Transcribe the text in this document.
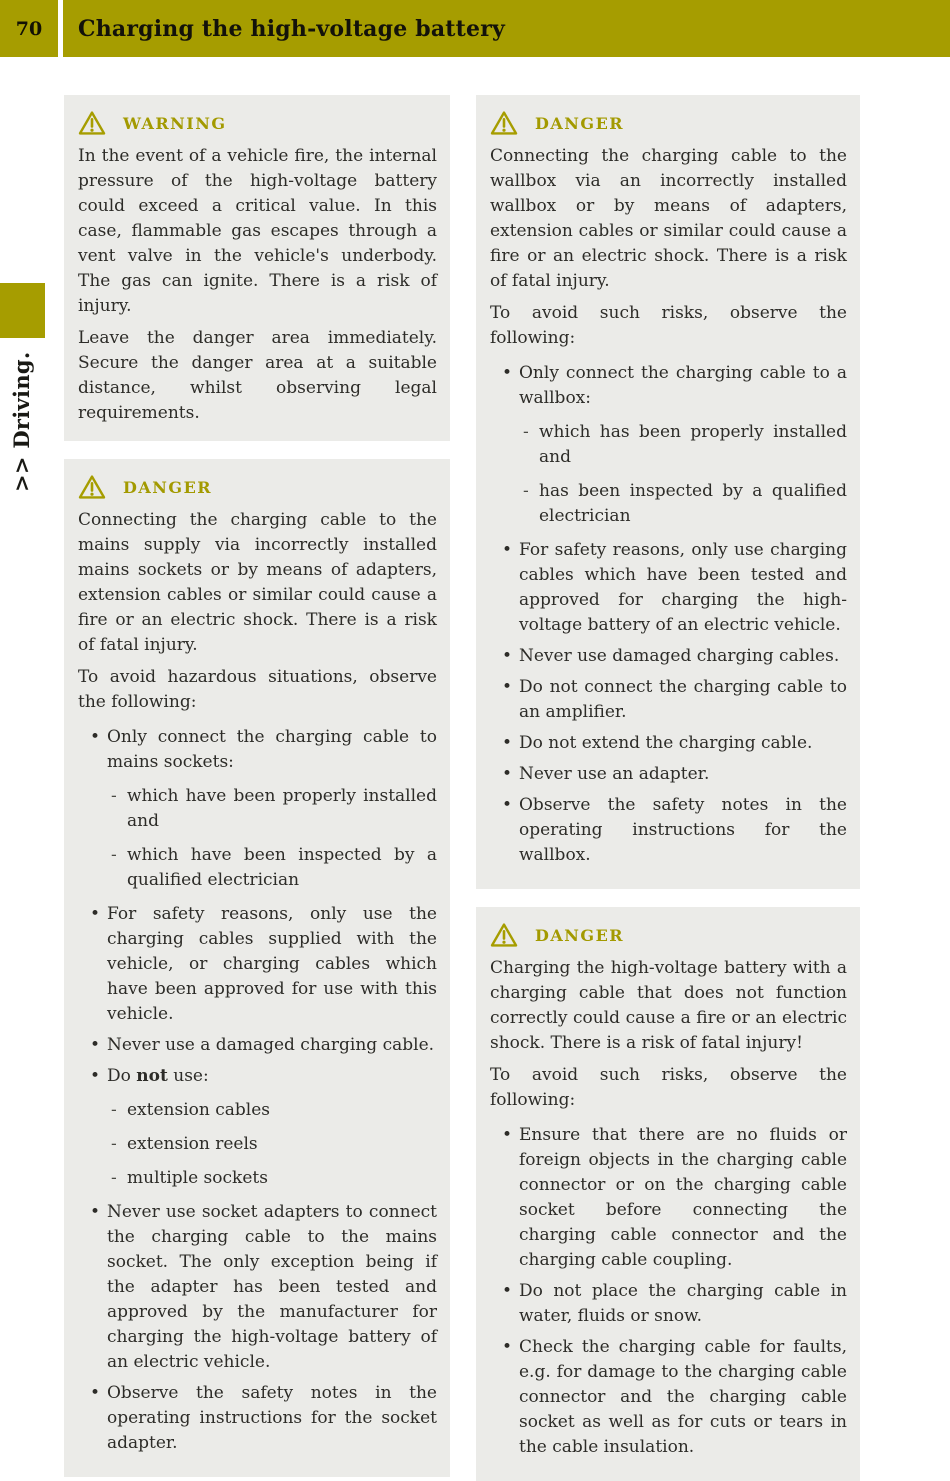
70	Charging the high-voltage battery
>> Driving.
WARNING

In the event of a vehicle fire, the internal pressure of the high-voltage battery could exceed a critical value. In this case, flammable gas escapes through a vent valve in the vehicle's underbody. The gas can ignite. There is a risk of injury.

Leave the danger area immediately. Secure the danger area at a suitable distance, whilst observing legal requirements.

DANGER

Connecting the charging cable to the mains supply via incorrectly installed mains sockets or by means of adapters, extension cables or similar could cause a fire or an electric shock. There is a risk of fatal injury.

To avoid hazardous situations, observe the following:

• Only connect the charging cable to mains sockets:
- which have been properly installed and
- which have been inspected by a qualified electrician
• For safety reasons, only use the charging cables supplied with the vehicle, or charging cables which have been approved for use with this vehicle.
• Never use a damaged charging cable.
• Do not use:
- extension cables
- extension reels
- multiple sockets
• Never use socket adapters to connect the charging cable to the mains socket. The only exception being if the adapter has been tested and approved by the manufacturer for charging the high-voltage battery of an electric vehicle.
• Observe the safety notes in the operating instructions for the socket adapter.
DANGER

Connecting the charging cable to the wallbox via an incorrectly installed wallbox or by means of adapters, extension cables or similar could cause a fire or an electric shock. There is a risk of fatal injury.

To avoid such risks, observe the following:

• Only connect the charging cable to a wallbox:
- which has been properly installed and
- has been inspected by a qualified electrician
• For safety reasons, only use charging cables which have been tested and approved for charging the high-voltage battery of an electric vehicle.
• Never use damaged charging cables.
• Do not connect the charging cable to an amplifier.
• Do not extend the charging cable.
• Never use an adapter.
• Observe the safety notes in the operating instructions for the wallbox.
DANGER

Charging the high-voltage battery with a charging cable that does not function correctly could cause a fire or an electric shock. There is a risk of fatal injury!

To avoid such risks, observe the following:

• Ensure that there are no fluids or foreign objects in the charging cable connector or on the charging cable socket before connecting the charging cable connector and the charging cable coupling.
• Do not place the charging cable in water, fluids or snow.
• Check the charging cable for faults, e.g. for damage to the charging cable connector and the charging cable socket as well as for cuts or tears in the cable insulation.
